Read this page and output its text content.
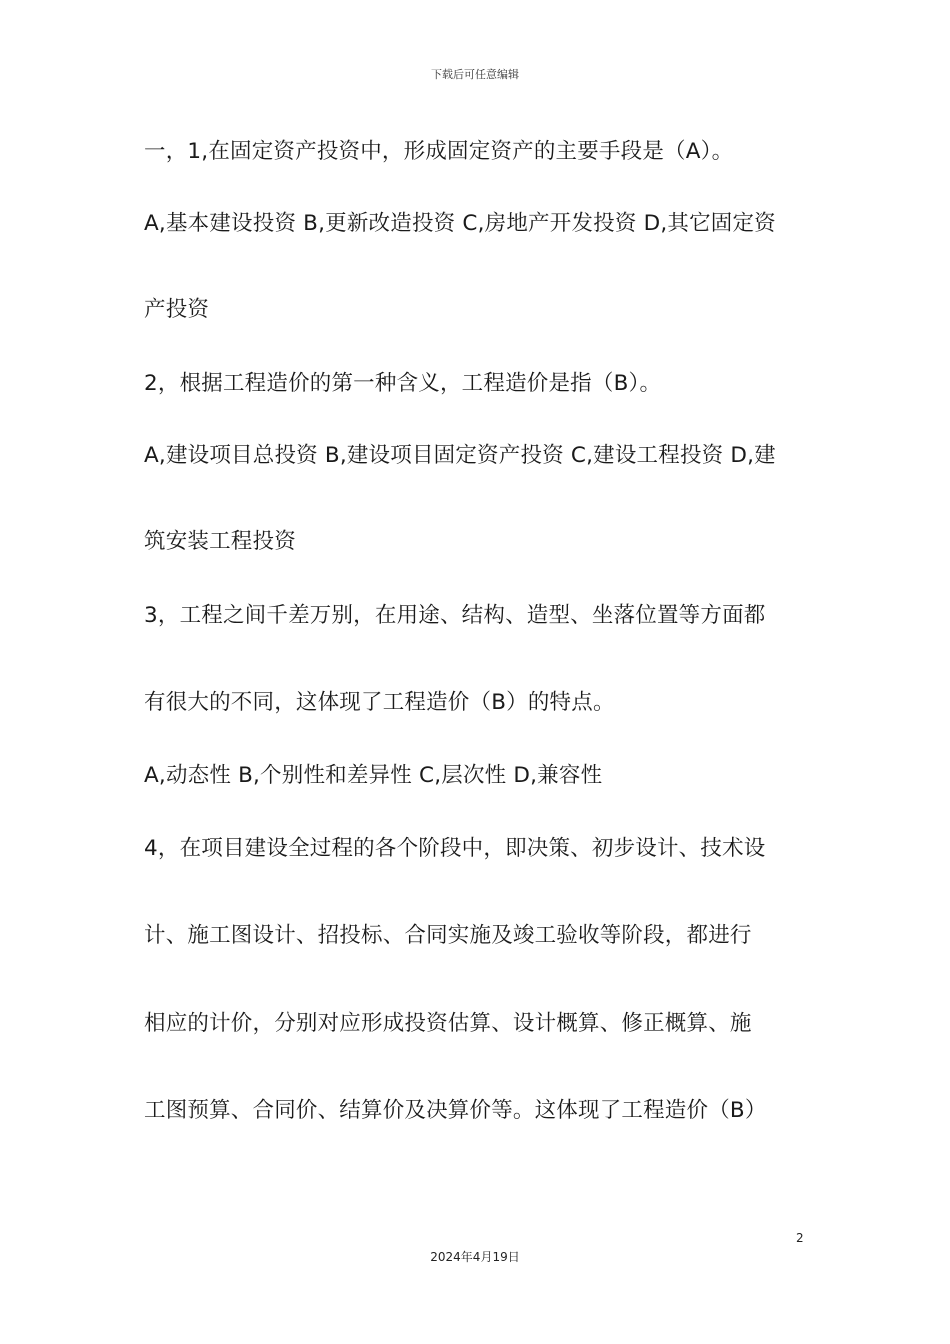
下载后可任意编辑
一，1,在固定资产投资中，形成固定资产的主要手段是（A）。
A,基本建设投资 B,更新改造投资 C,房地产开发投资 D,其它固定资
产投资
2，根据工程造价的第一种含义，工程造价是指（B）。
A,建设项目总投资 B,建设项目固定资产投资 C,建设工程投资 D,建
筑安装工程投资
3，工程之间千差万别，在用途、结构、造型、坐落位置等方面都
有很大的不同，这体现了工程造价（B）的特点。
A,动态性 B,个别性和差异性 C,层次性 D,兼容性
4，在项目建设全过程的各个阶段中，即决策、初步设计、技术设
计、施工图设计、招投标、合同实施及竣工验收等阶段，都进行
相应的计价，分别对应形成投资估算、设计概算、修正概算、施
工图预算、合同价、结算价及决算价等。这体现了工程造价（B）
2
2024年4月19日
